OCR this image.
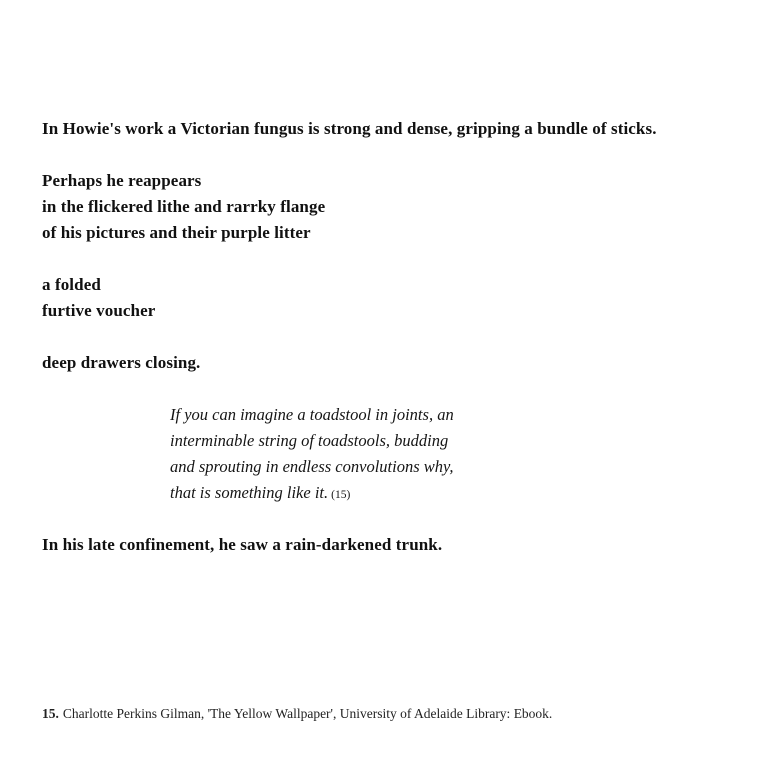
In Howie's work a Victorian fungus is strong and dense, gripping a bundle of sticks.
Perhaps he reappears
in the flickered lithe and rarrky flange
of his pictures and their purple litter
a folded
furtive voucher
deep drawers closing.
If you can imagine a toadstool in joints, an
interminable string of toadstools, budding
and sprouting in endless convolutions why,
that is something like it. (15)
In his late confinement, he saw a rain-darkened trunk.
15. Charlotte Perkins Gilman, 'The Yellow Wallpaper', University of Adelaide Library: Ebook.
